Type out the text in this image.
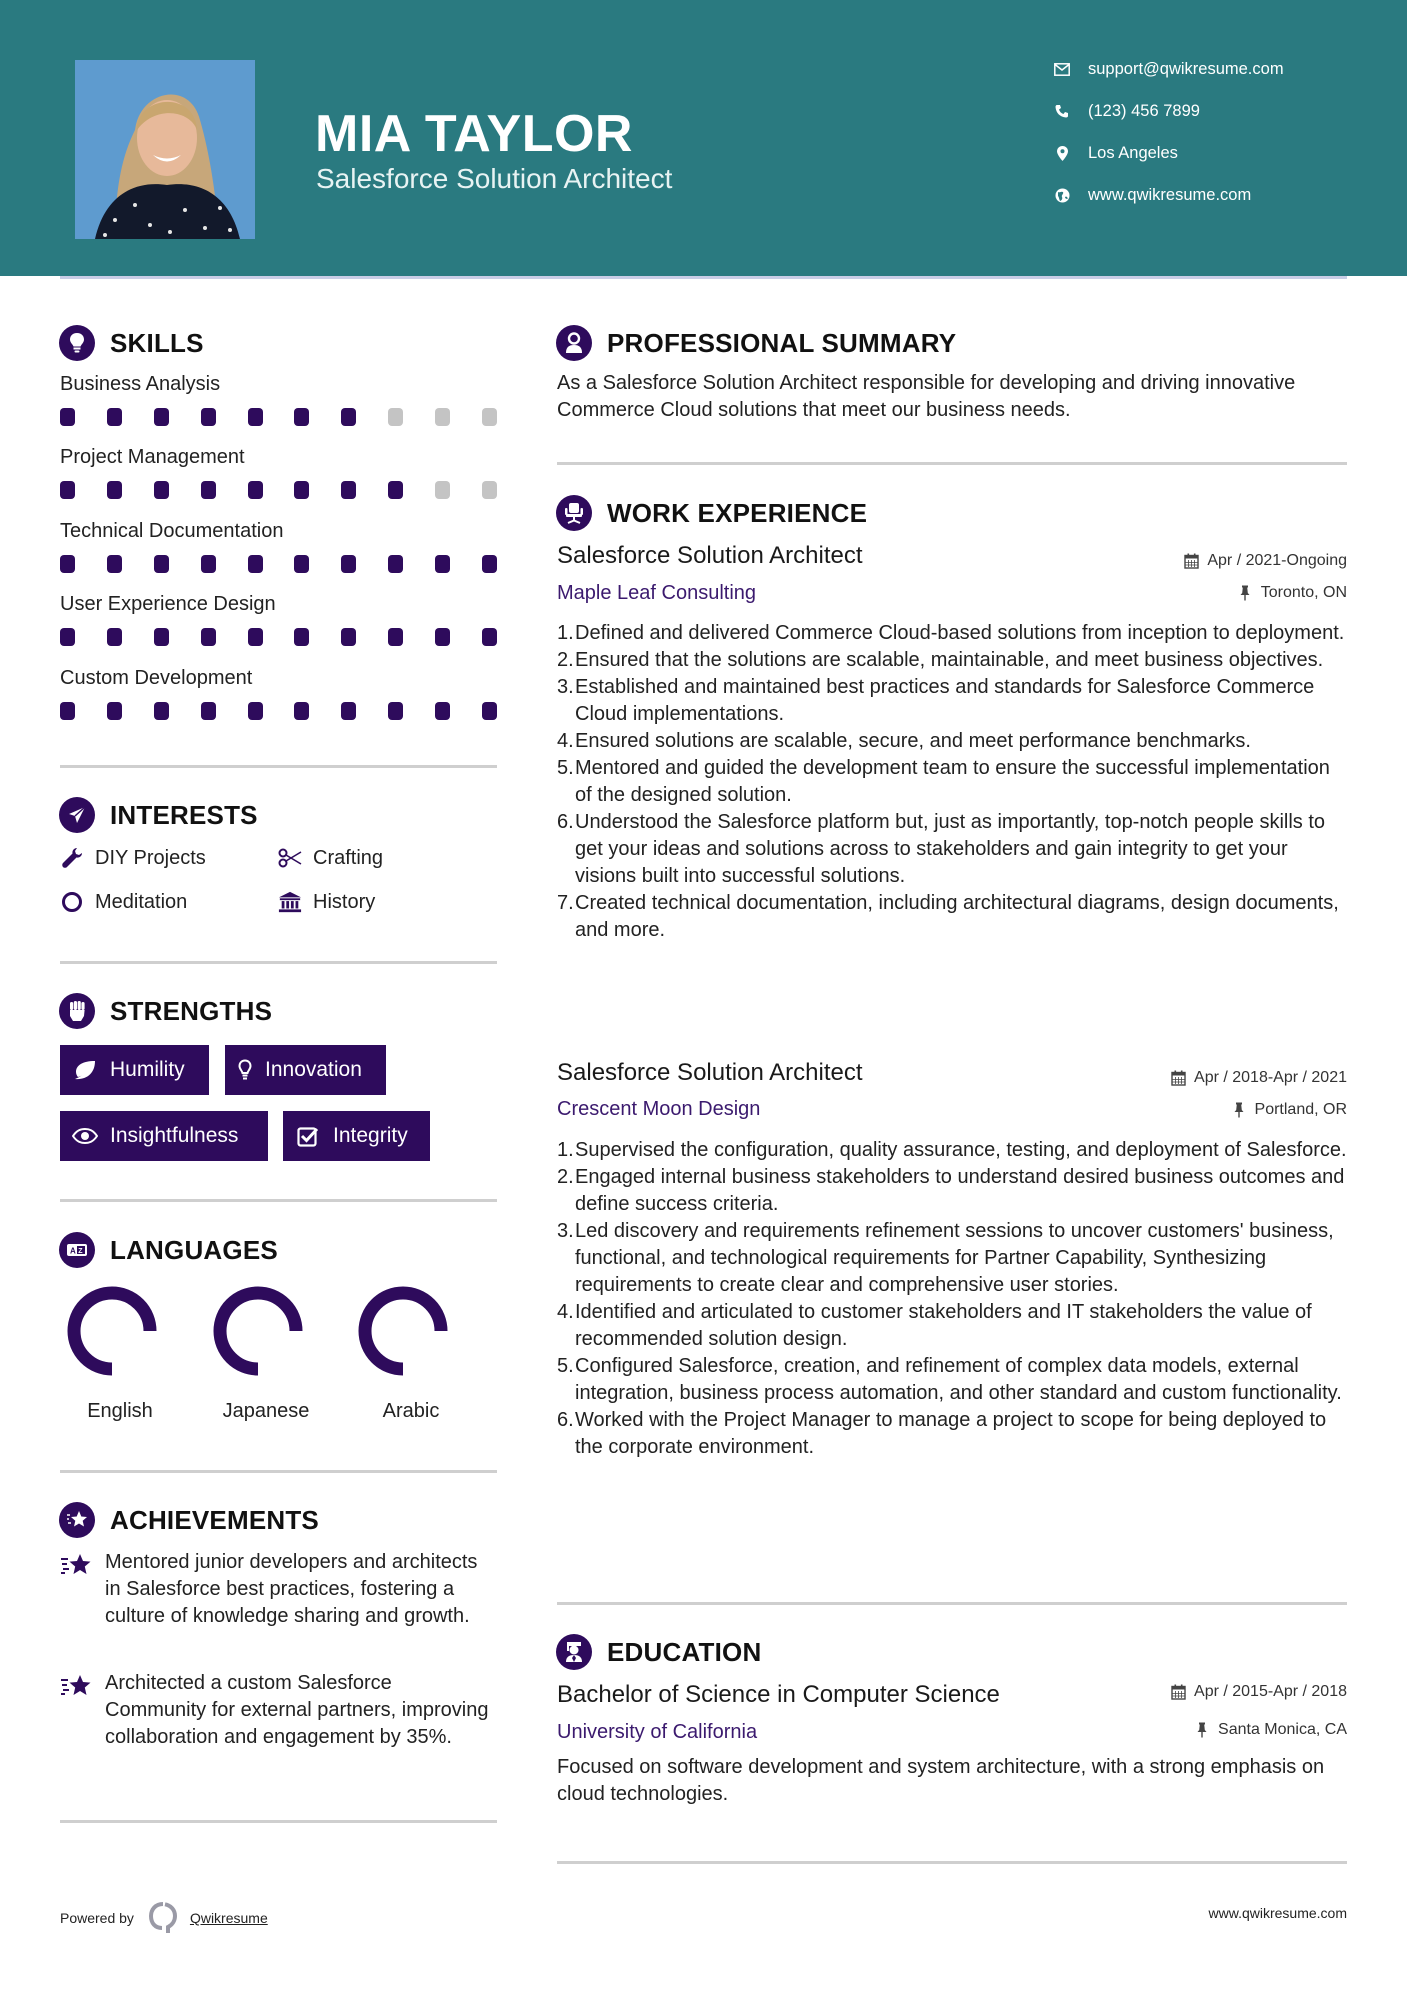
MIA TAYLOR
Salesforce Solution Architect
support@qwikresume.com
(123) 456 7899
Los Angeles
www.qwikresume.com
SKILLS
Business Analysis
Project Management
Technical Documentation
User Experience Design
Custom Development
INTERESTS
DIY Projects	Crafting
Meditation	History
STRENGTHS
Humility	Innovation
Insightfulness	Integrity
A Z LANGUAGES
English	Japanese	Arabic
ACHIEVEMENTS
Mentored junior developers and architects in Salesforce best practices, fostering a culture of knowledge sharing and growth.
Architected a custom Salesforce Community for external partners, improving collaboration and engagement by 35%.
PROFESSIONAL SUMMARY
As a Salesforce Solution Architect responsible for developing and driving innovative Commerce Cloud solutions that meet our business needs.
WORK EXPERIENCE
Salesforce Solution Architect	Apr / 2021-Ongoing
Maple Leaf Consulting	Toronto, ON
1. Defined and delivered Commerce Cloud-based solutions from inception to deployment.
2. Ensured that the solutions are scalable, maintainable, and meet business objectives.
3. Established and maintained best practices and standards for Salesforce Commerce Cloud implementations.
4. Ensured solutions are scalable, secure, and meet performance benchmarks.
5. Mentored and guided the development team to ensure the successful implementation of the designed solution.
6. Understood the Salesforce platform but, just as importantly, top-notch people skills to get your ideas and solutions across to stakeholders and gain integrity to get your visions built into successful solutions.
7. Created technical documentation, including architectural diagrams, design documents, and more.
Salesforce Solution Architect	Apr / 2018-Apr / 2021
Crescent Moon Design	Portland, OR
1. Supervised the configuration, quality assurance, testing, and deployment of Salesforce.
2. Engaged internal business stakeholders to understand desired business outcomes and define success criteria.
3. Led discovery and requirements refinement sessions to uncover customers' business, functional, and technological requirements for Partner Capability, Synthesizing requirements to create clear and comprehensive user stories.
4. Identified and articulated to customer stakeholders and IT stakeholders the value of recommended solution design.
5. Configured Salesforce, creation, and refinement of complex data models, external integration, business process automation, and other standard and custom functionality.
6. Worked with the Project Manager to manage a project to scope for being deployed to the corporate environment.
EDUCATION
Bachelor of Science in Computer Science	Apr / 2015-Apr / 2018
University of California	Santa Monica, CA
Focused on software development and system architecture, with a strong emphasis on cloud technologies.
Powered by	Qwikresume	www.qwikresume.com
